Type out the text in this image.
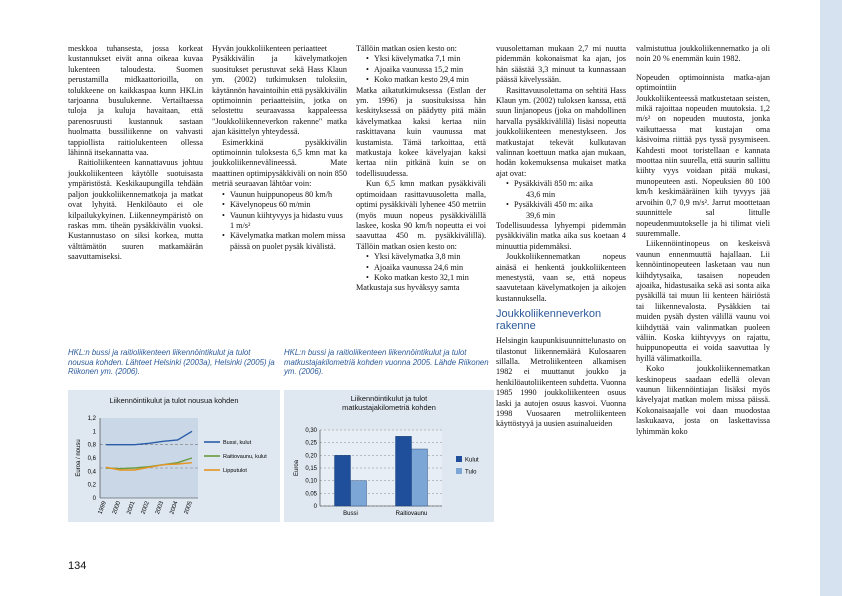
meskkoa tuhansesta, jossa korkeat kustannukset eivät anna oikeaa kuvaa lukenteen taloudesta. Suomen perustamilla midkaattorioilla, on tolukkeene on kaikkaspaa kunn HKLin tarjoanna busulukenne. Vertailtaessa tuloja ja kuluja havaitaan, että parenosruusti kustannuk sastaan huolmatta bussiliikenne on vahvasti tappiollista raitiolukenteen ollessa lähinnä itsekannatta vaa.

Raitioliikenteen kannattavuus johtuu joukkoliikenteen käytölle suotuisasta ympäristöstä. Keskikaupungilla tehdään paljon joukkoliikennematkoja ja matkat ovat lyhyitä. Henkilöauto ei ole kilpailukykyinen. Liikenneympäristö on raskas mm. tiheän pysäkkivälin vuoksi. Kustannustaso on siksi korkea, mutta välttämätön suuren matkamäärän saavuttamiseksi.

Hyvän joukkoliikenteen periaatteet

Pysäkkivälin ja kävelymatkojen suositukset perustuvat sekä Hass Klaun ym. (2002) tutkimuksen tuloksiin, käytännön havaintoihin että pysäkkivälin optimoinnin periaatteisiin, jotka on selostettu seuraavassa kappaleessa "Joukkoliikenneverkon rakenne" matka ajan käsittelyn yhteydessä.

Esimerkkinä pysäkkivälin optimoinnin tuloksesta 6,5 kmn mat ka joukkoliikennevälineessä. Mate maattinen optimipysäkkiväli on noin 850 metriä seuraavan lähtöar voin:

• Vaunun huippunopeus 80 km/h
• Kävelynopeus 60 m/min
• Vaunun kiihtyvyys ja hidastu vuus 1 m/s²
• Kävelymatka matkan molem missa päissä on puolet pysäk kivälistä.

Tällöin matkan osien kesto on:

• Yksi kävelymatka 7,1 min
• Ajoaika vaunussa 15,2 min
• Koko matkan kesto 29,4 min

Matka aikatutkimuksessa (Estlan der ym. 1996) ja suosituksissa hän keskityksessä on päädytty pitä mään kävelymatkaa kaksi kertaa niin raskittavana kuin vaunussa mat kustamista. Tämä tarkoittaa, että matkustaja kokee kävelyajan kaksi kertaa niin pitkänä kuin se on todellisuudessa.

Kun 6,5 kmn matkan pysäkkiväli optimoidaan rasittavuusoletta malla, optimi pysäkkiväli lyhenee 450 metriin (myös muun nopeus pysäkkivälillä laskee, koska 90 km/h nopeutta ei voi saavuttaa 450 m. pysäkkivälillä). Tällöin matkan osien kesto on:

• Yksi kävelymatka 3,8 min
• Ajoaika vaunussa 24,6 min
• Koko matkan kesto 32,1 min

Matkustaja sus hyväksyy samta

vuusolettaman mukaan 2,7 mi nuutta pidemmän kokonaismat ka ajan, jos hän säästää 3,3 minuut ta kunnassaan päässä kävelyssään.

Rasittavuusolettama on sehtitä Hass Klaun ym. (2002) tuloksen kanssa, että suun linjanopeus (joka on mahdollinen harvalla pysäkkivälillä) lisäsi nopeutta joukkoliikenteen menestykseen. Jos matkustajat tekevät kulkutavan valinnan koettuun matka ajan mukaan, hodän kokemuksensa mukaiset matka ajat ovat:

• Pysäkkiväli 850 m: aika
43,6 min
• Pysäkkiväli 450 m: aika
39,6 min

Todellisuudessa lyhyempi pidemmän pysäkkivälin matka aika sus koetaan 4 minuuttia pidemmäksi.

Joukkoliikennematkan nopeus ainäsä ei henkentä joukkoliikenteen menestystä, vaan se, että nopeus saavutetaan kävelymatkojen ja aikojen kustannuksella.

Joukkoliikenneverkon rakenne

Helsingin kaupunkisuunnittelunasto on tilastonut liikennemäärä Kulosaaren sillalla. Metroliikenteen alkamisen 1982 ei muuttanut joukko ja henkilöautoliikenteen suhdetta. Vuonna 1985 1990 joukkoliikenteen osuus laski ja autojen osuus kasvoi. Vuonna 1998 Vuosaaren metroliikenteen käyttöstyyä ja uusien asuinalueiden

valmistuttua joukkoliikennematko ja oli noin 20 % enemmän kuin 1982.

Nopeuden optimoinnista matka-ajan optimointiin

Joukkoliikenteessä matkustetaan seisten, mikä rajoittaa nopeuden muutoksia. 1,2 m/s² on nopeuden muutosta, jonka vaikuttaessa mat kustajan oma käsivoima riittää pys tyssä pysymiseen. Kahdesti moot toristellaan e kannata moottaa niin suurella, että suurin sallittu kiihty vyys voidaan pitää mukasi, munopeuteen asti. Nopeuksien 80 100 km/h keskimääräinen kiih tyvyys jää arvoihin 0,7 0,9 m/s². Jarrut moottetaan suunnittele sal littulle nopeudenmuutokselle ja hi tilimat vieli suuremmalle.

Liikennöintinopeus on keskeisvä vaunun ennenmuuttä hajallaan. Lii kennöintinopeuteen lasketaan vau nun kiihdytysaika, tasaisen nopeuden ajoaika, hidastusaika sekä asi sonta aika pysäkillä tai muun lii kenteen häiriöstä tai liikennevalosta. Pysäkkien tai muiden pysäh dysten välillä vaunu voi kiihdyttää vain valinmatkan puoleen väliin. Koska kiihtyvyys on rajattu, huippunopeutta ei voida saavuttaa ly hyillä välimatkoilla.

Koko joukkoliikennematkan keskinopeus saadaan edellä olevan vaunun liikennöintiajan lisäksi myös kävelyajat matkan molem missa päissä. Kokonaisaajalle voi daan muodostaa laskukaava, josta on laskettavissa lyhimmän koko

HKL:n bussi ja raitioliikenteen liikennöintikulut ja tulot nousua kohden. Lähteet Helsinki (2003a), Helsinki (2005) ja Riikonen ym. (2006).
HKL:n bussi ja raitioliikenteen liikennöintikulut ja tulot matkustajakilometriä kohden vuonna 2005. Lähde Riikonen ym. (2006).
Liikennöintikulut ja tulot nousua kohden
0
0,2
0,4
0,6
0,8
1
1,2
1999 2000 2001 2002 2003 2004 2005
Euroa / nousu	Bussi, kulut
Raitiovaunu, kulut
Lipputulot
Liikennöintikulut ja tulot matkustajakilometriä kohden
0
0,05
0,10
0,15
0,20
0,25
0,30
Euroa
Bussi	Raitiovaunu
Kulut
Tulo
134
